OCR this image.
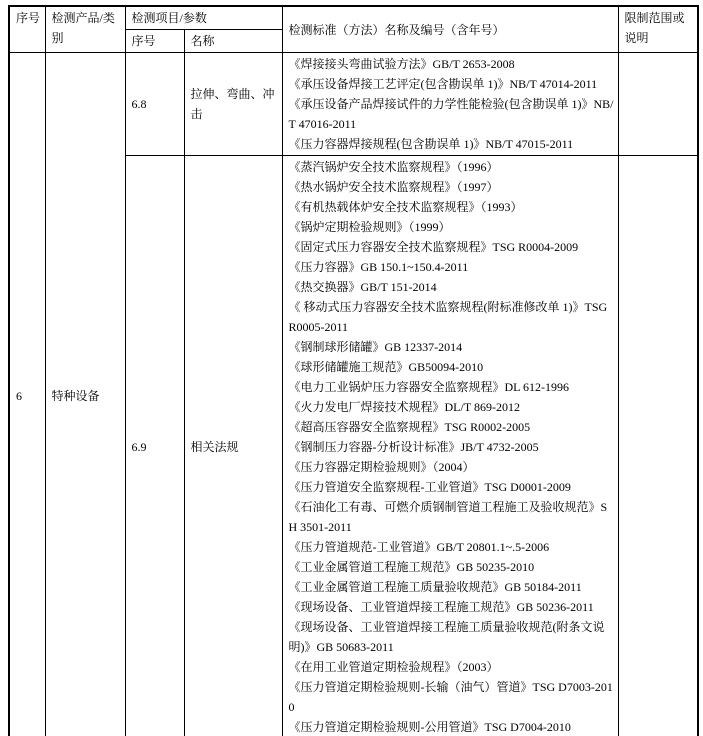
序号	检测产品/类别	检测项目/参数		检测标准（方法）名称及编号（含年号）	限制范围或说明
		序号	名称		
6	特种设备	6.8	拉伸、弯曲、冲击	《焊接接头弯曲试验方法》GB/T 2653-2008
《承压设备焊接工艺评定(包含勘误单 1)》NB/T 47014-2011
《承压设备产品焊接试件的力学性能检验(包含勘误单 1)》NB/T 47016-2011
《压力容器焊接规程(包含勘误单 1)》NB/T 47015-2011	

6.9	相关法规	
《蒸汽锅炉安全技术监察规程》（1996）
《热水锅炉安全技术监察规程》（1997）
《有机热载体炉安全技术监察规程》（1993）
《锅炉定期检验规则》（1999）
《固定式压力容器安全技术监察规程》TSG R0004-2009
《压力容器》GB 150.1~150.4-2011
《热交换器》GB/T 151-2014
《 移动式压力容器安全技术监察规程(附标准修改单 1)》TSG R0005-2011
《钢制球形储罐》GB 12337-2014
《球形储罐施工规范》GB50094-2010
《电力工业锅炉压力容器安全监察规程》DL 612-1996
《火力发电厂焊接技术规程》DL/T 869-2012
《超高压容器安全监察规程》TSG R0002-2005
《钢制压力容器-分析设计标准》JB/T 4732-2005
《压力容器定期检验规则》（2004）
《压力管道安全监察规程-工业管道》TSG D0001-2009
《石油化工有毒、可燃介质钢制管道工程施工及验收规范》SH 3501-2011
《压力管道规范-工业管道》GB/T 20801.1~.5-2006
《工业金属管道工程施工规范》GB 50235-2010
《工业金属管道工程施工质量验收规范》GB 50184-2011
《现场设备、工业管道焊接工程施工规范》GB 50236-2011
《现场设备、工业管道焊接工程施工质量验收规范(附条文说明)》GB 50683-2011
《在用工业管道定期检验规程》（2003）
《压力管道定期检验规则-长输（油气）管道》TSG D7003-2010
《压力管道定期检验规则-公用管道》TSG D7004-2010
